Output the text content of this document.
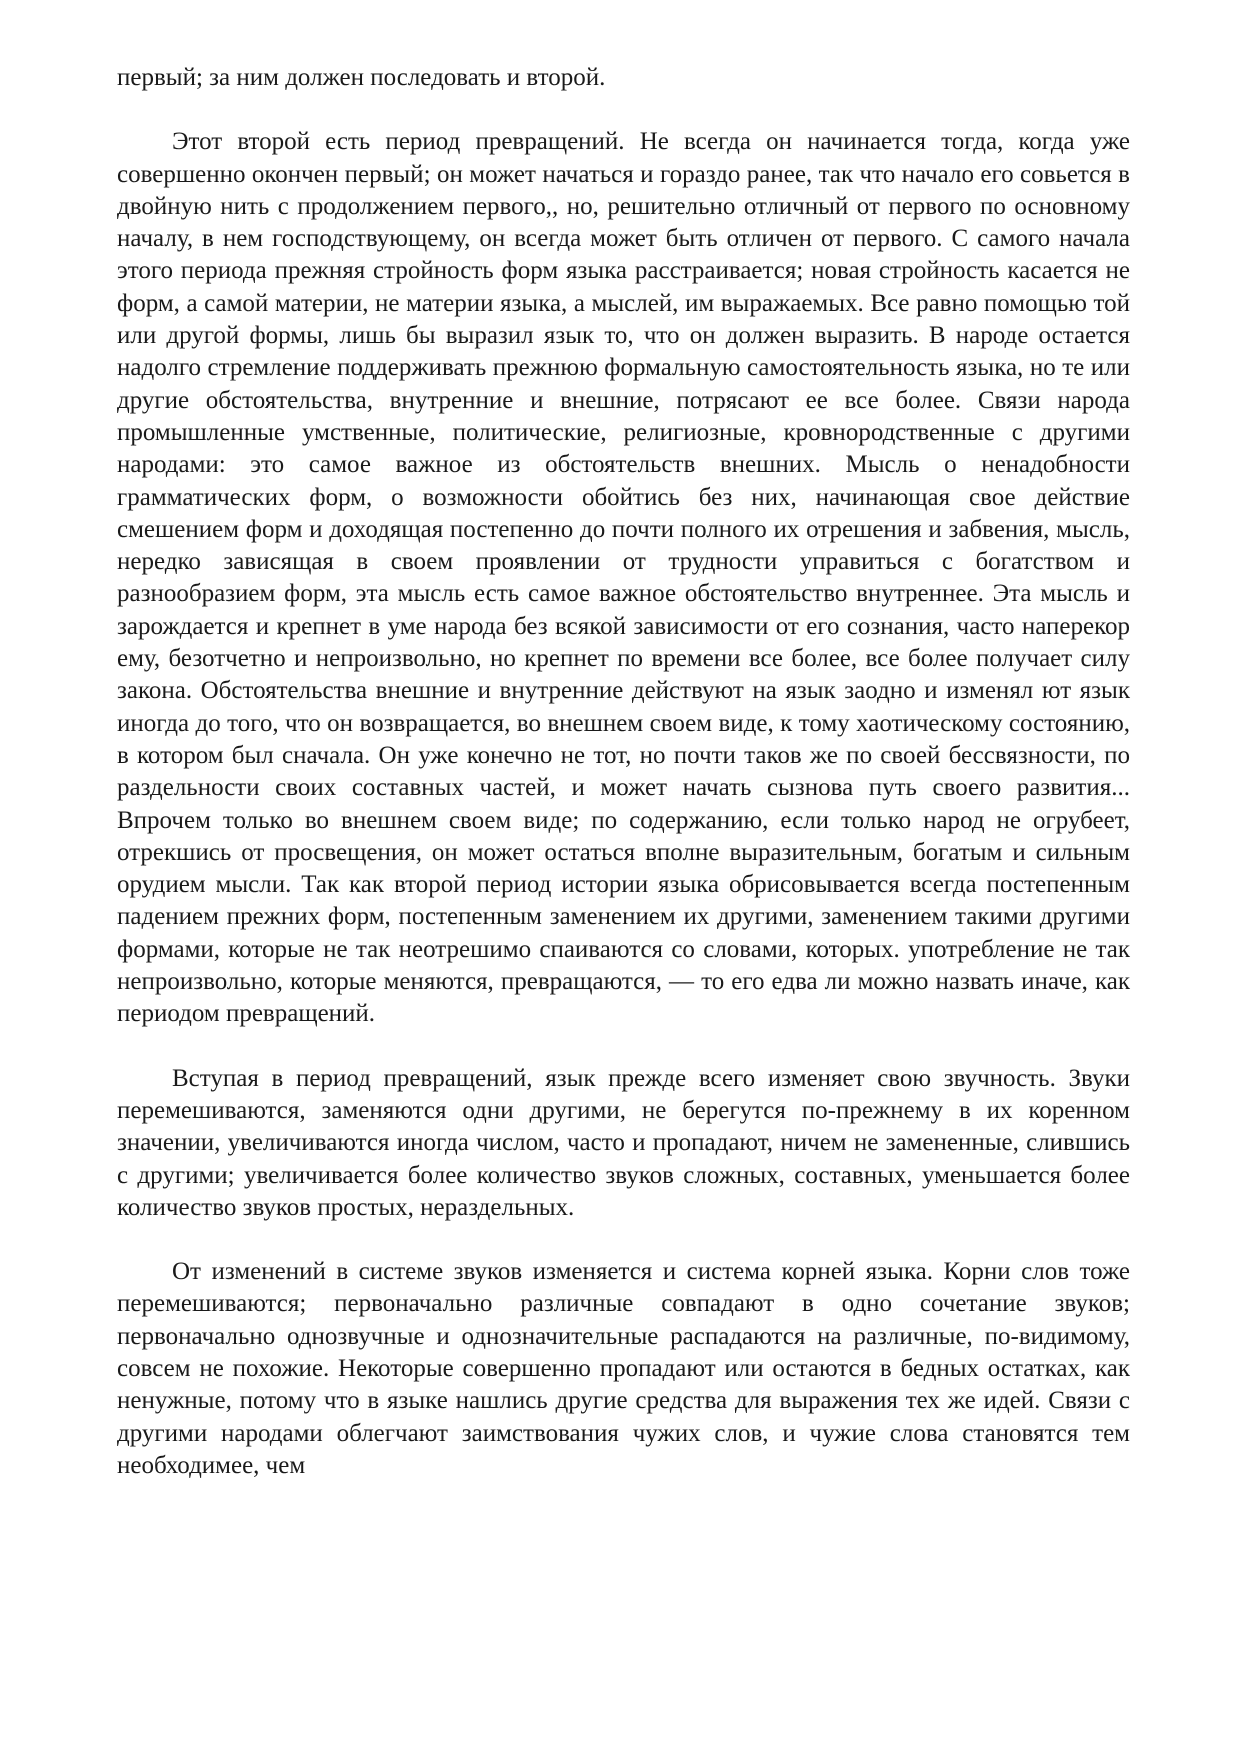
первый; за ним должен последовать и второй.

Этот второй есть период превращений. Не всегда он начинается тогда, когда уже совершенно окончен первый; он может начаться и гораздо ранее, так что начало его совьется в двойную нить с продолжением первого,, но, решительно отличный от первого по основному началу, в нем господствующему, он всегда может быть отличен от первого. С самого начала этого периода прежняя стройность форм языка расстраивается; новая стройность касается не форм, а самой материи, не материи языка, а мыслей, им выражаемых. Все равно помощью той или другой формы, лишь бы выразил язык то, что он должен выразить. В народе остается надолго стремление поддерживать прежнюю формальную самостоятельность языка, но те или другие обстоятельства, внутренние и внешние, потрясают ее все более. Связи народа промышленные умственные, политические, религиозные, кровнородственные с другими народами: это самое важное из обстоятельств внешних. Мысль о ненадобности грамматических форм, о возможности обойтись без них, начинающая свое действие смешением форм и доходящая постепенно до почти полного их отрешения и забвения, мысль, нередко зависящая в своем проявлении от трудности управиться с богатством и разнообразием форм, эта мысль есть самое важное обстоятельство внутреннее. Эта мысль и зарождается и крепнет в уме народа без всякой зависимости от его сознания, часто наперекор ему, безотчетно и непроизвольно, но крепнет по времени все более, все более получает силу закона. Обстоятельства внешние и внутренние действуют на язык заодно и изменял ют язык иногда до того, что он возвращается, во внешнем своем виде, к тому хаотическому состоянию, в котором был сначала. Он уже конечно не тот, но почти таков же по своей бессвязности, по раздельности своих составных частей, и может начать сызнова путь своего развития... Впрочем только во внешнем своем виде; по содержанию, если только народ не огрубеет, отрекшись от просвещения, он может остаться вполне выразительным, богатым и сильным орудием мысли. Так как второй период истории языка обрисовывается всегда постепенным падением прежних форм, постепенным заменением их другими, заменением такими другими формами, которые не так неотрешимо спаиваются со словами, которых. употребление не так непроизвольно, которые меняются, превращаются, — то его едва ли можно назвать иначе, как периодом превращений.

Вступая в период превращений, язык прежде всего изменяет свою звучность. Звуки перемешиваются, заменяются одни другими, не берегутся по-прежнему в их коренном значении, увеличиваются иногда числом, часто и пропадают, ничем не замененные, слившись с другими; увеличивается более количество звуков сложных, составных, уменьшается более количество звуков простых, нераздельных.

От изменений в системе звуков изменяется и система корней языка. Корни слов тоже перемешиваются; первоначально различные совпадают в одно сочетание звуков; первоначально однозвучные и однозначительные распадаются на различные, по-видимому, совсем не похожие. Некоторые совершенно пропадают или остаются в бедных остатках, как ненужные, потому что в языке нашлись другие средства для выражения тех же идей. Связи с другими народами облегчают заимствования чужих слов, и чужие слова становятся тем необходимее, чем
